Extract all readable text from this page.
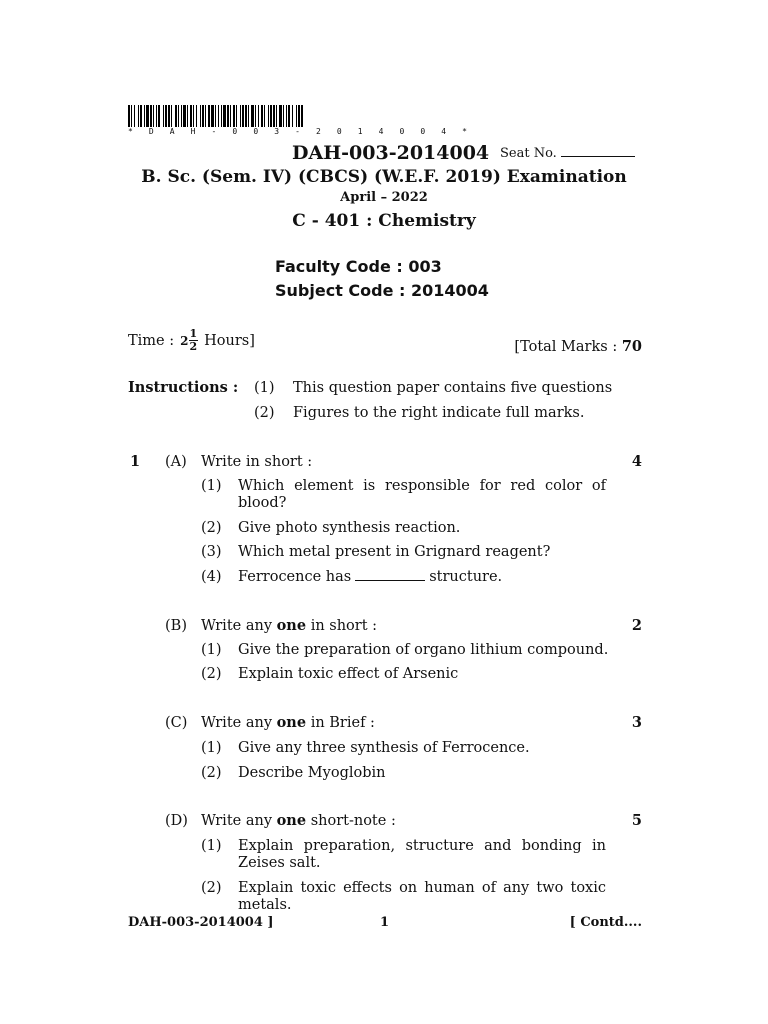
* D A H - 0 0 3 - 2 0 1 4 0 0 4 *
DAH-003-2014004 Seat No.
B. Sc. (Sem. IV) (CBCS) (W.E.F. 2019) Examination
April – 2022
C - 401 : Chemistry
Faculty Code : 003
Subject Code : 2014004
Time : $2 \frac{1}{2}$ Hours]	[Total Marks : 70
Instructions : (1) This question paper contains five questions
(2) Figures to the right indicate full marks.
1 (A) Write in short :	4
(1) Which element is responsible for red color of
blood?
(2) Give photo synthesis reaction.
(3) Which metal present in Grignard reagent?
(4) Ferrocence has	structure.
(B) Write any one in short :	2
(1) Give the preparation of organo lithium compound.
(2) Explain toxic effect of Arsenic
(C) Write any one in Brief :	3
(1) Give any three synthesis of Ferrocence.
(2) Describe Myoglobin
(D) Write any one short-note :	5
(1) Explain preparation, structure and bonding in
Zeises salt.
(2) Explain toxic effects on human of any two toxic
metals.
DAH-003-2014004 ]	1	[ Contd....
